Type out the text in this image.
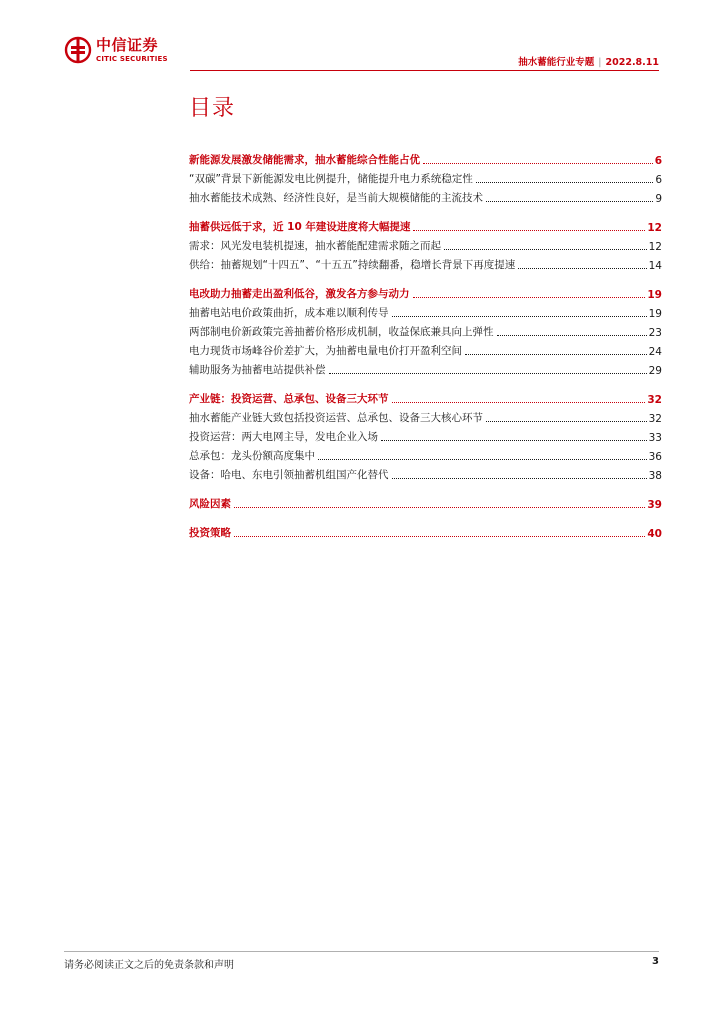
中信证券
CITIC SECURITIES	抽水蓄能行业专题 | 2022.8.11
目录
新能源发展激发储能需求，抽水蓄能综合性能占优	6
“双碳”背景下新能源发电比例提升，储能提升电力系统稳定性	6
抽水蓄能技术成熟、经济性良好，是当前大规模储能的主流技术	9
抽蓄供远低于求，近 10 年建设进度将大幅提速	12
需求：风光发电装机提速，抽水蓄能配建需求随之而起	12
供给：抽蓄规划“十四五”、“十五五”持续翻番，稳增长背景下再度提速	14
电改助力抽蓄走出盈利低谷，激发各方参与动力	19
抽蓄电站电价政策曲折，成本难以顺利传导	19
两部制电价新政策完善抽蓄价格形成机制，收益保底兼具向上弹性	23
电力现货市场峰谷价差扩大，为抽蓄电量电价打开盈利空间	24
辅助服务为抽蓄电站提供补偿	29
产业链：投资运营、总承包、设备三大环节	32
抽水蓄能产业链大致包括投资运营、总承包、设备三大核心环节	32
投资运营：两大电网主导，发电企业入场	33
总承包：龙头份额高度集中	36
设备：哈电、东电引领抽蓄机组国产化替代	38
风险因素	39
投资策略	40
请务必阅读正文之后的免责条款和声明	3
